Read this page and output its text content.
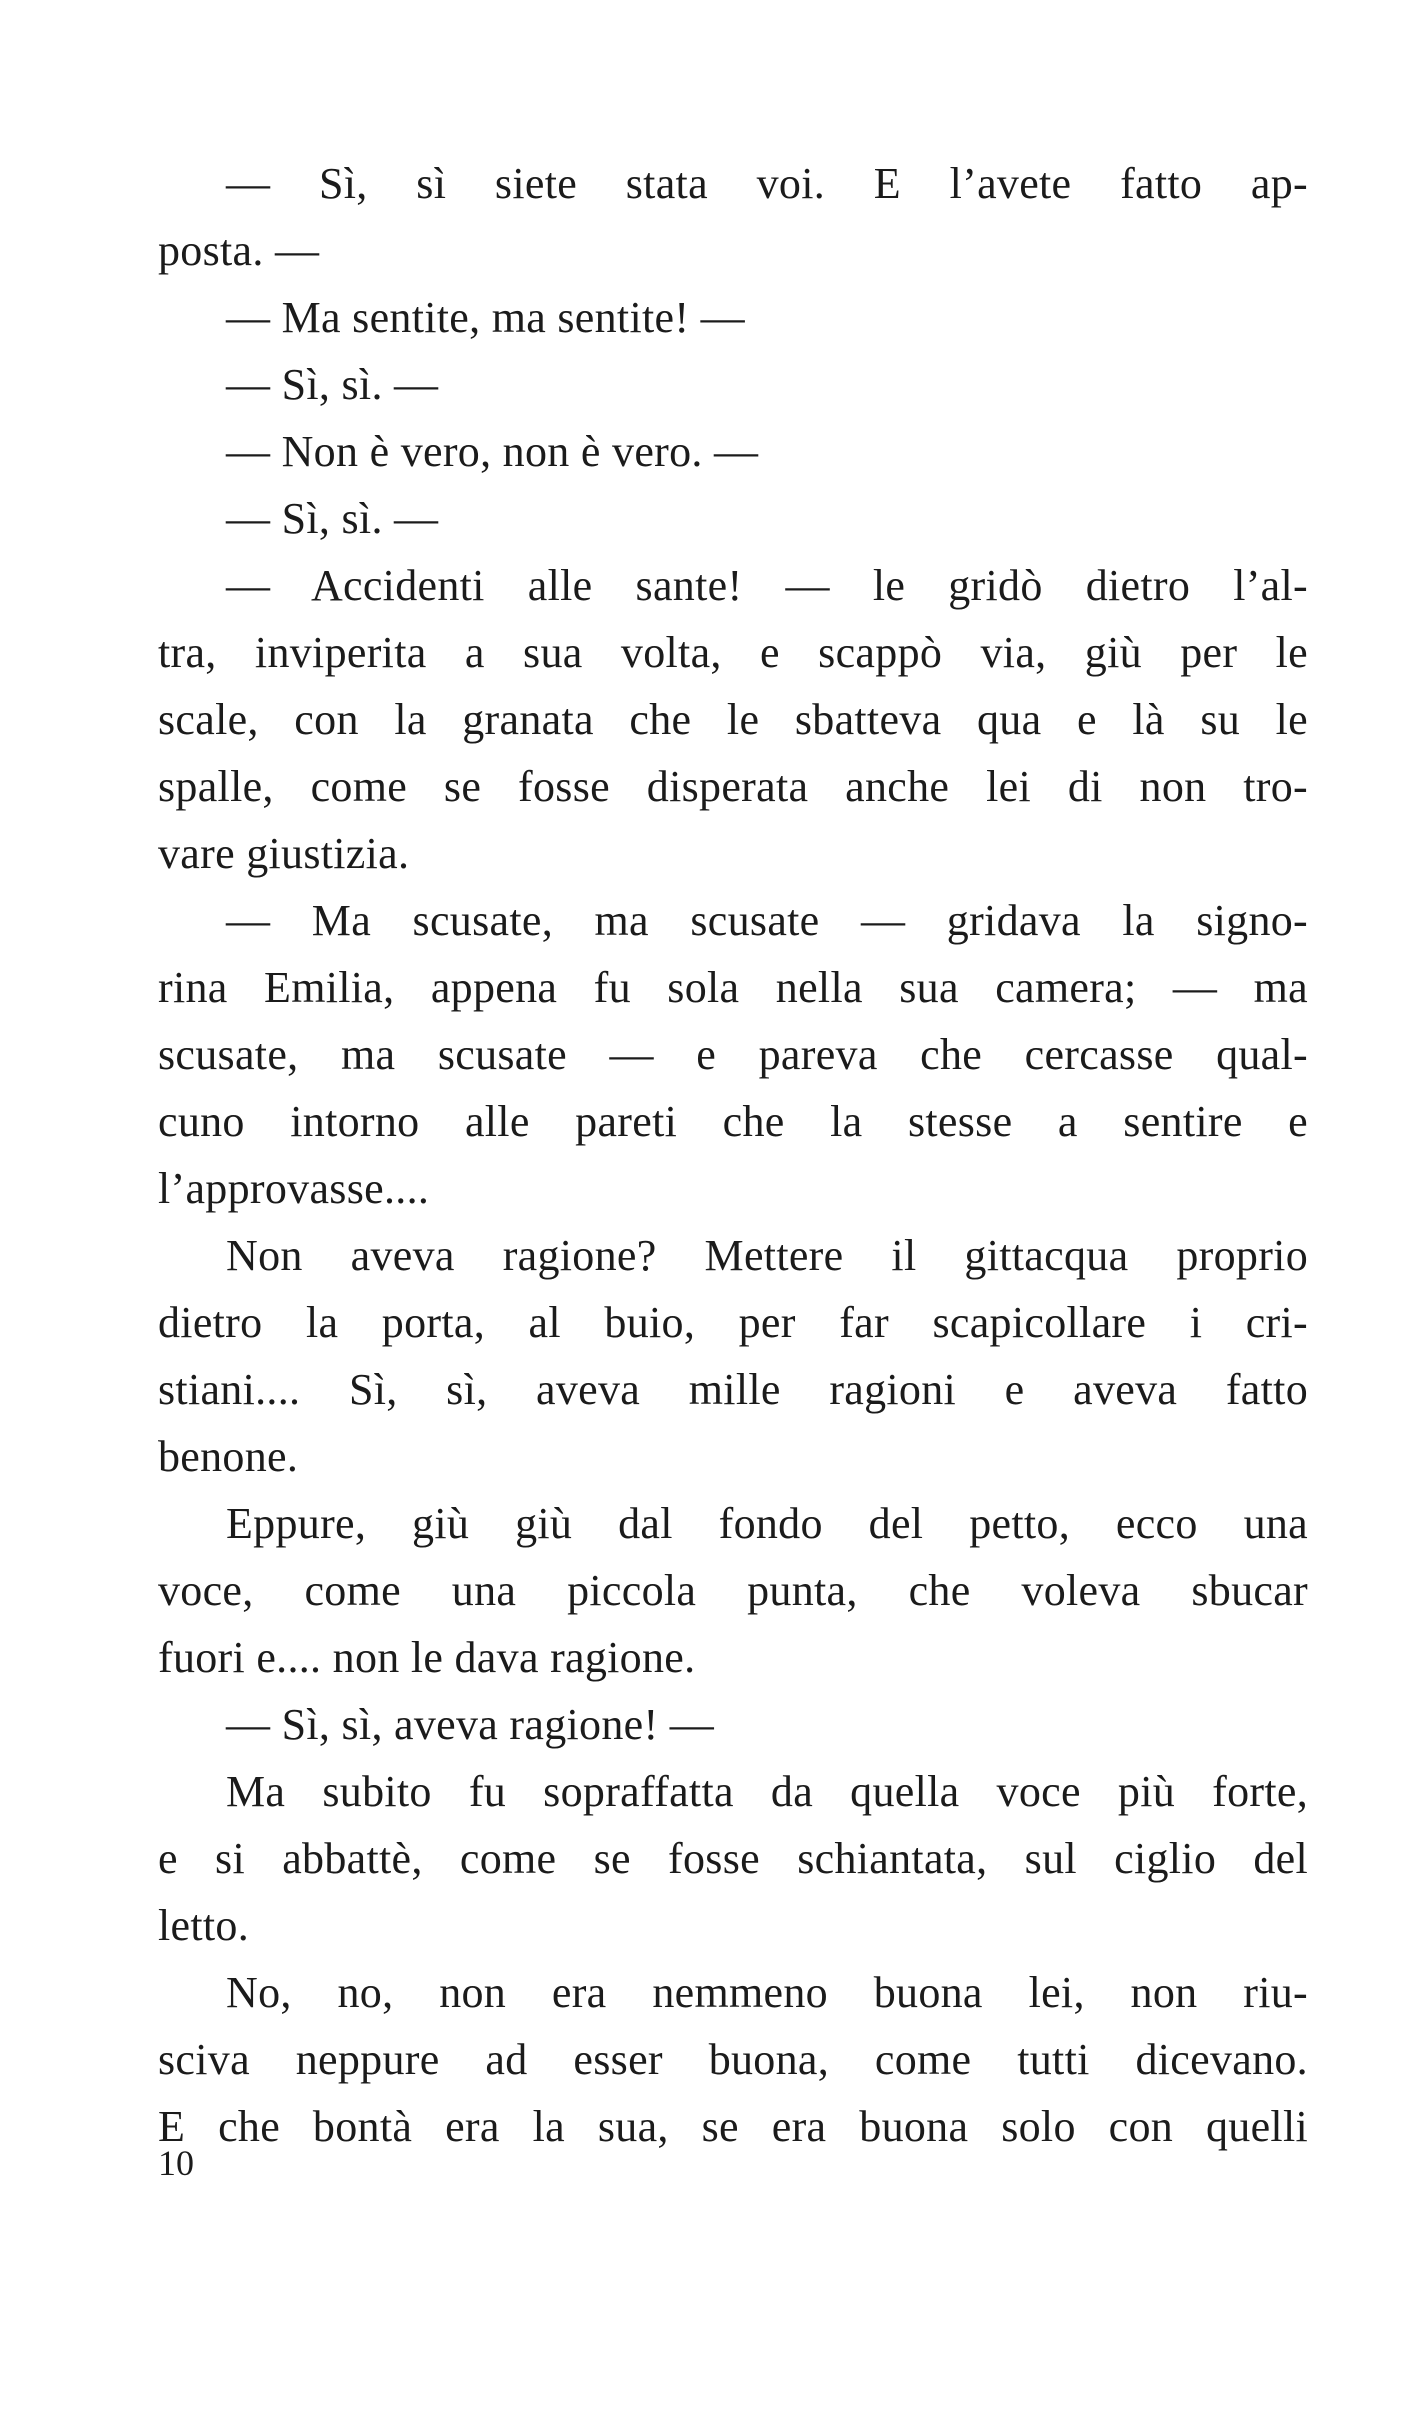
— Sì, sì siete stata voi. E l’avete fatto ap-
posta. —
— Ma sentite, ma sentite! —
— Sì, sì. —
— Non è vero, non è vero. —
— Sì, sì. —
— Accidenti alle sante! — le gridò dietro l’al-
tra, inviperita a sua volta, e scappò via, giù per le
scale, con la granata che le sbatteva qua e là su le
spalle, come se fosse disperata anche lei di non tro-
vare giustizia.
— Ma scusate, ma scusate — gridava la signo-
rina Emilia, appena fu sola nella sua camera; — ma
scusate, ma scusate — e pareva che cercasse qual-
cuno intorno alle pareti che la stesse a sentire e
l’approvasse....
Non aveva ragione? Mettere il gittacqua proprio
dietro la porta, al buio, per far scapicollare i cri-
stiani.... Sì, sì, aveva mille ragioni e aveva fatto
benone.
Eppure, giù giù dal fondo del petto, ecco una
voce, come una piccola punta, che voleva sbucar
fuori e.... non le dava ragione.
— Sì, sì, aveva ragione! —
Ma subito fu sopraffatta da quella voce più forte,
e si abbattè, come se fosse schiantata, sul ciglio del
letto.
No, no, non era nemmeno buona lei, non riu-
sciva neppure ad esser buona, come tutti dicevano.
E che bontà era la sua, se era buona solo con quelli
10
